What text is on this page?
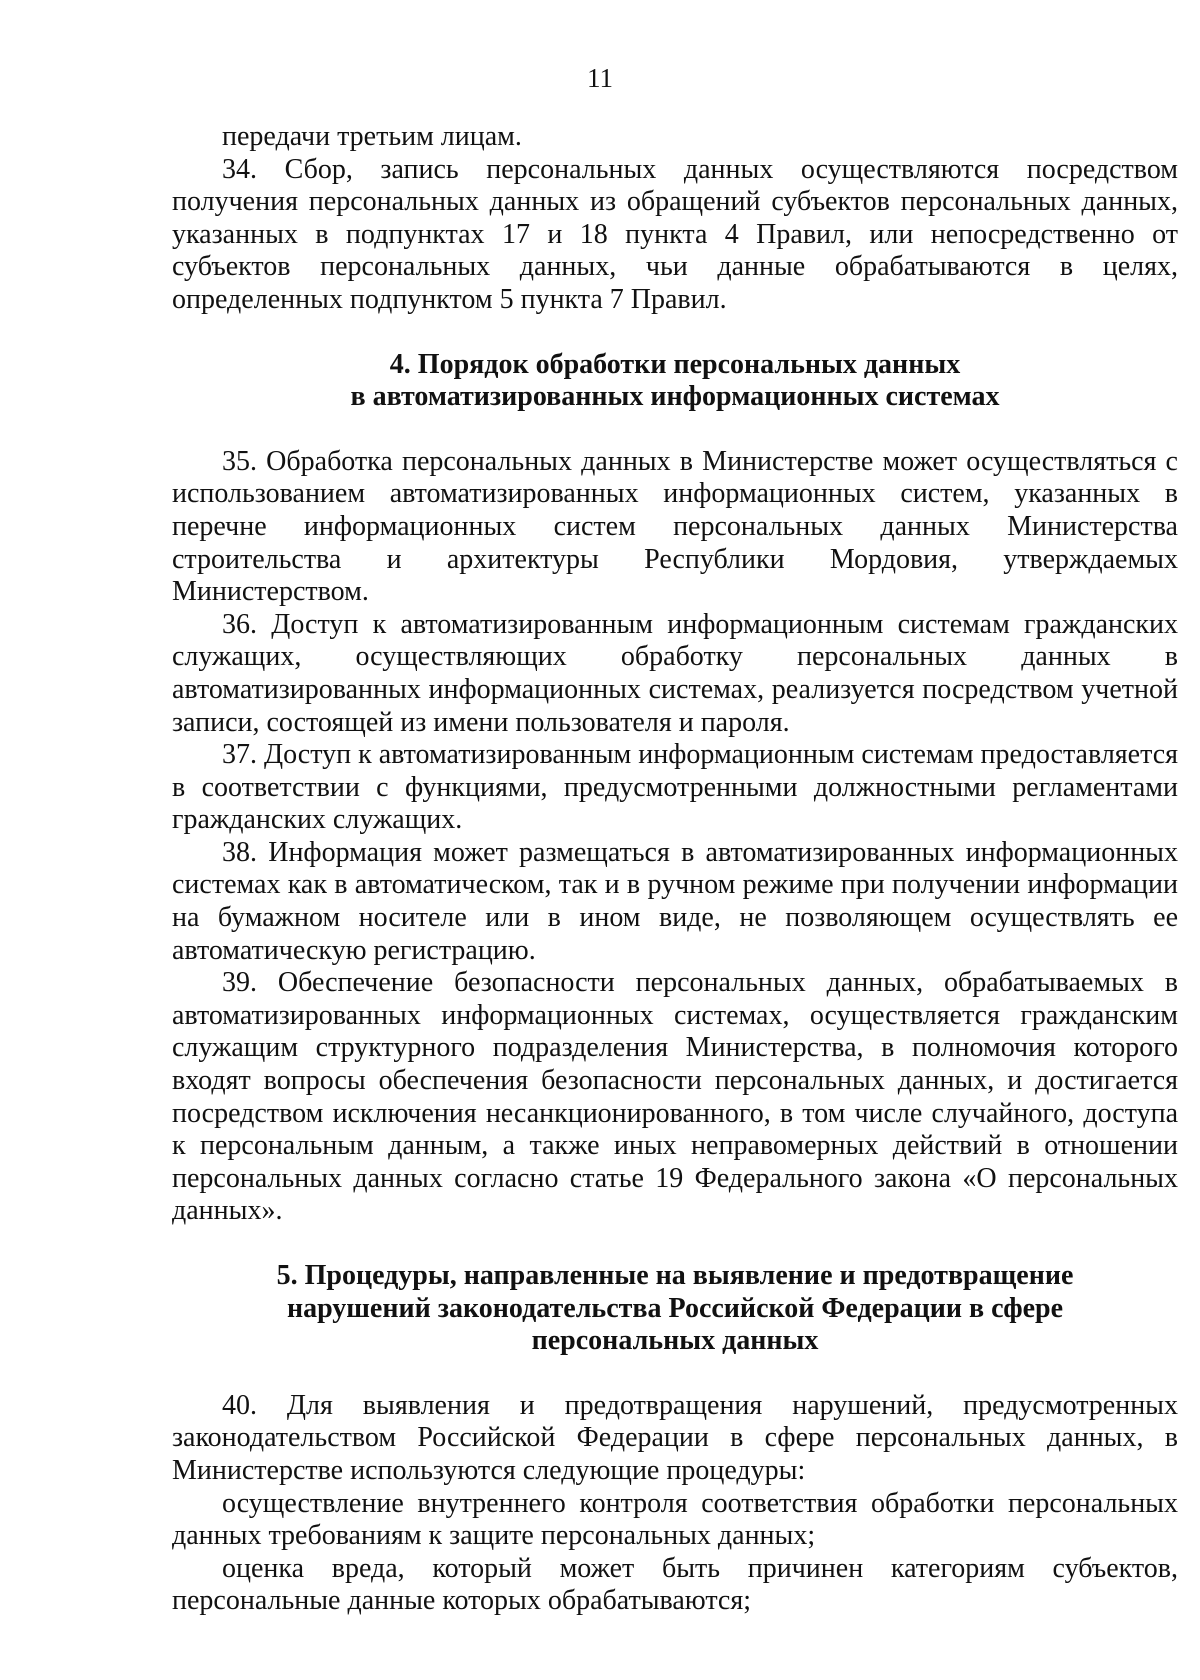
11

передачи третьим лицам.

34. Сбор, запись персональных данных осуществляются посредством получения персональных данных из обращений субъектов персональных данных, указанных в подпунктах 17 и 18 пункта 4 Правил, или непосредственно от субъектов персональных данных, чьи данные обрабатываются в целях, определенных подпунктом 5 пункта 7 Правил.

4. Порядок обработки персональных данных
в автоматизированных информационных системах

35. Обработка персональных данных в Министерстве может осуществляться с использованием автоматизированных информационных систем, указанных в перечне информационных систем персональных данных Министерства строительства и архитектуры Республики Мордовия, утверждаемых Министерством.

36. Доступ к автоматизированным информационным системам гражданских служащих, осуществляющих обработку персональных данных в автоматизированных информационных системах, реализуется посредством учетной записи, состоящей из имени пользователя и пароля.

37. Доступ к автоматизированным информационным системам предоставляется в соответствии с функциями, предусмотренными должностными регламентами гражданских служащих.

38. Информация может размещаться в автоматизированных информационных системах как в автоматическом, так и в ручном режиме при получении информации на бумажном носителе или в ином виде, не позволяющем осуществлять ее автоматическую регистрацию.

39. Обеспечение безопасности персональных данных, обрабатываемых в автоматизированных информационных системах, осуществляется гражданским служащим структурного подразделения Министерства, в полномочия которого входят вопросы обеспечения безопасности персональных данных, и достигается посредством исключения несанкционированного, в том числе случайного, доступа к персональным данным, а также иных неправомерных действий в отношении персональных данных согласно статье 19 Федерального закона «О персональных данных».

5. Процедуры, направленные на выявление и предотвращение
нарушений законодательства Российской Федерации в сфере
персональных данных

40. Для выявления и предотвращения нарушений, предусмотренных законодательством Российской Федерации в сфере персональных данных, в Министерстве используются следующие процедуры:

осуществление внутреннего контроля соответствия обработки персональных данных требованиям к защите персональных данных;

оценка вреда, который может быть причинен категориям субъектов, персональные данные которых обрабатываются;
